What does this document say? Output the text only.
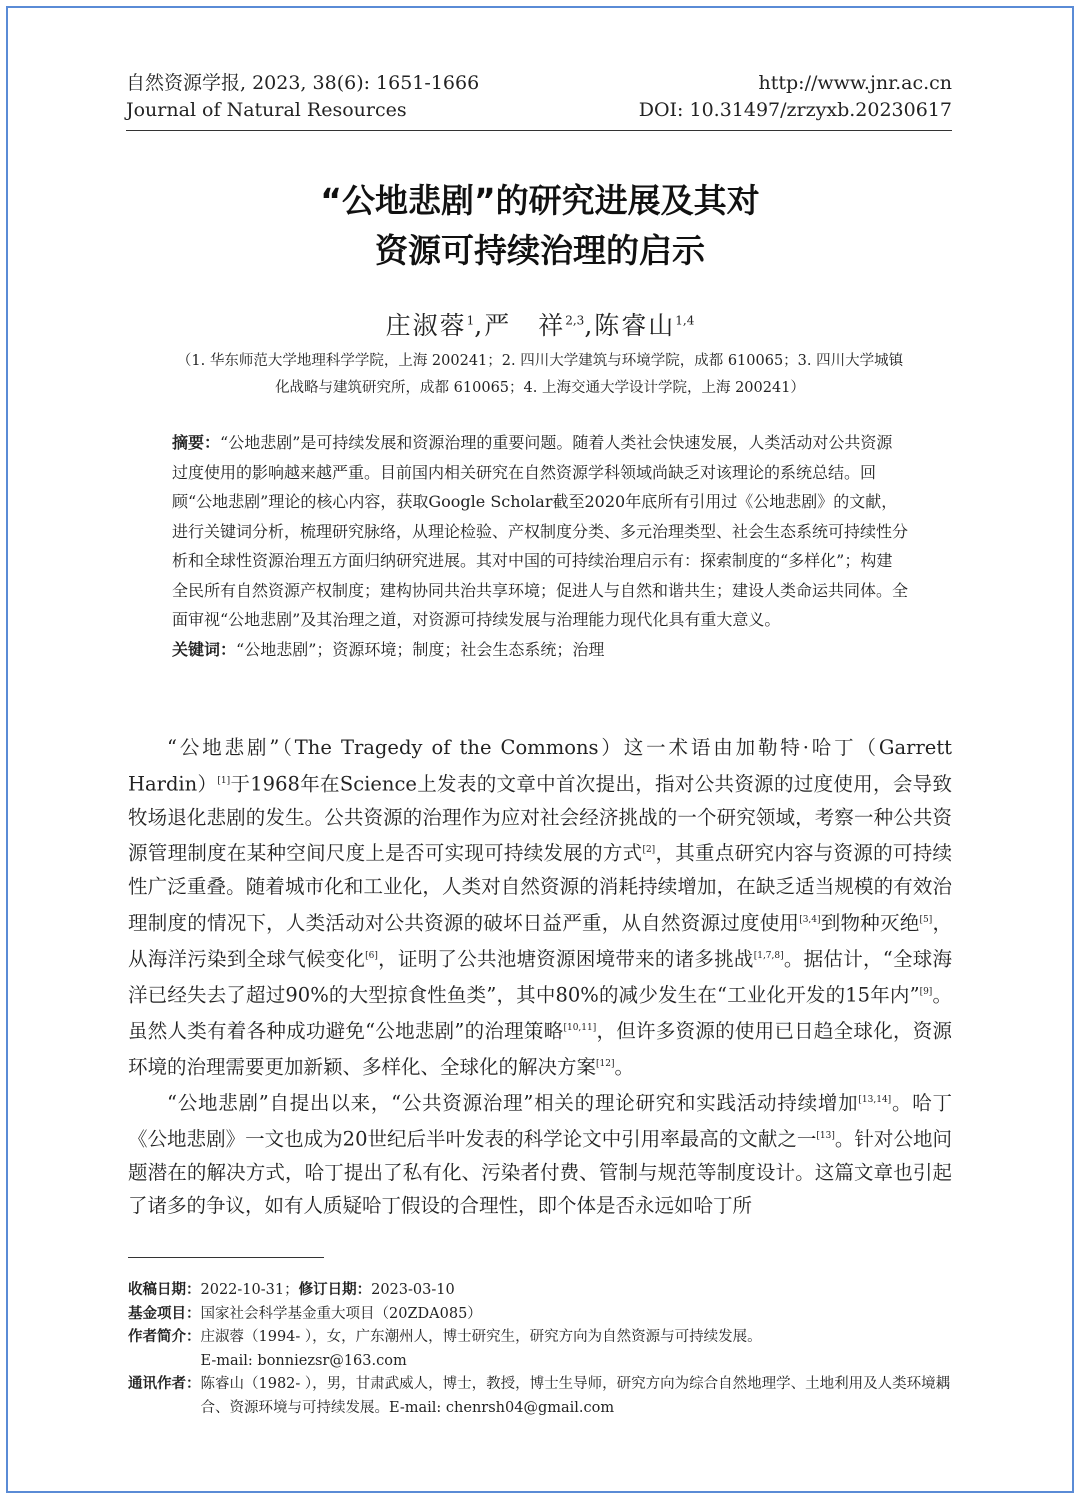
自然资源学报, 2023, 38(6): 1651-1666	http://www.jnr.ac.cn
Journal of Natural Resources	DOI: 10.31497/zrzyxb.20230617
“公地悲剧”的研究进展及其对
资源可持续治理的启示
庄淑蓉$^1$,严　祥$^{2,3}$,陈睿山$^{1,4}$
（1. 华东师范大学地理科学学院，上海 200241；2. 四川大学建筑与环境学院，成都 610065；3. 四川大学城镇
化战略与建筑研究所，成都 610065；4. 上海交通大学设计学院，上海 200241）
摘要：“公地悲剧”是可持续发展和资源治理的重要问题。随着人类社会快速发展，人类活动对公共资源过度使用的影响越来越严重。目前国内相关研究在自然资源学科领域尚缺乏对该理论的系统总结。回顾“公地悲剧”理论的核心内容，获取Google Scholar截至2020年底所有引用过《公地悲剧》的文献，进行关键词分析，梳理研究脉络，从理论检验、产权制度分类、多元治理类型、社会生态系统可持续性分析和全球性资源治理五方面归纳研究进展。其对中国的可持续治理启示有：探索制度的“多样化”；构建全民所有自然资源产权制度；建构协同共治共享环境；促进人与自然和谐共生；建设人类命运共同体。全面审视“公地悲剧”及其治理之道，对资源可持续发展与治理能力现代化具有重大意义。
关键词：“公地悲剧”；资源环境；制度；社会生态系统；治理

“公地悲剧”（The Tragedy of the Commons）这一术语由加勒特·哈丁（Garrett Hardin）[1]于1968年在Science上发表的文章中首次提出，指对公共资源的过度使用，会导致牧场退化悲剧的发生。公共资源的治理作为应对社会经济挑战的一个研究领域，考察一种公共资源管理制度在某种空间尺度上是否可实现可持续发展的方式[2]，其重点研究内容与资源的可持续性广泛重叠。随着城市化和工业化，人类对自然资源的消耗持续增加，在缺乏适当规模的有效治理制度的情况下，人类活动对公共资源的破坏日益严重，从自然资源过度使用[3,4]到物种灭绝[5]，从海洋污染到全球气候变化[6]，证明了公共池塘资源困境带来的诸多挑战[1,7,8]。据估计，“全球海洋已经失去了超过90%的大型掠食性鱼类”，其中80%的减少发生在“工业化开发的15年内”[9]。虽然人类有着各种成功避免“公地悲剧”的治理策略[10,11]，但许多资源的使用已日趋全球化，资源环境的治理需要更加新颖、多样化、全球化的解决方案[12]。

“公地悲剧”自提出以来，“公共资源治理”相关的理论研究和实践活动持续增加[13,14]。哈丁《公地悲剧》一文也成为20世纪后半叶发表的科学论文中引用率最高的文献之一[13]。针对公地问题潜在的解决方式，哈丁提出了私有化、污染者付费、管制与规范等制度设计。这篇文章也引起了诸多的争议，如有人质疑哈丁假设的合理性，即个体是否永远如哈丁所

收稿日期： 2022-10-31；修订日期：2023-03-10
基金项目： 国家社会科学基金重大项目（20ZDA085）
作者简介： 庄淑蓉（1994- ），女，广东潮州人，博士研究生，研究方向为自然资源与可持续发展。
E-mail: bonniezsr@163.com
通讯作者： 陈睿山（1982- ），男，甘肃武威人，博士，教授，博士生导师，研究方向为综合自然地理学、土地利用及人类环境耦合、资源环境与可持续发展。E-mail: chenrsh04@gmail.com
